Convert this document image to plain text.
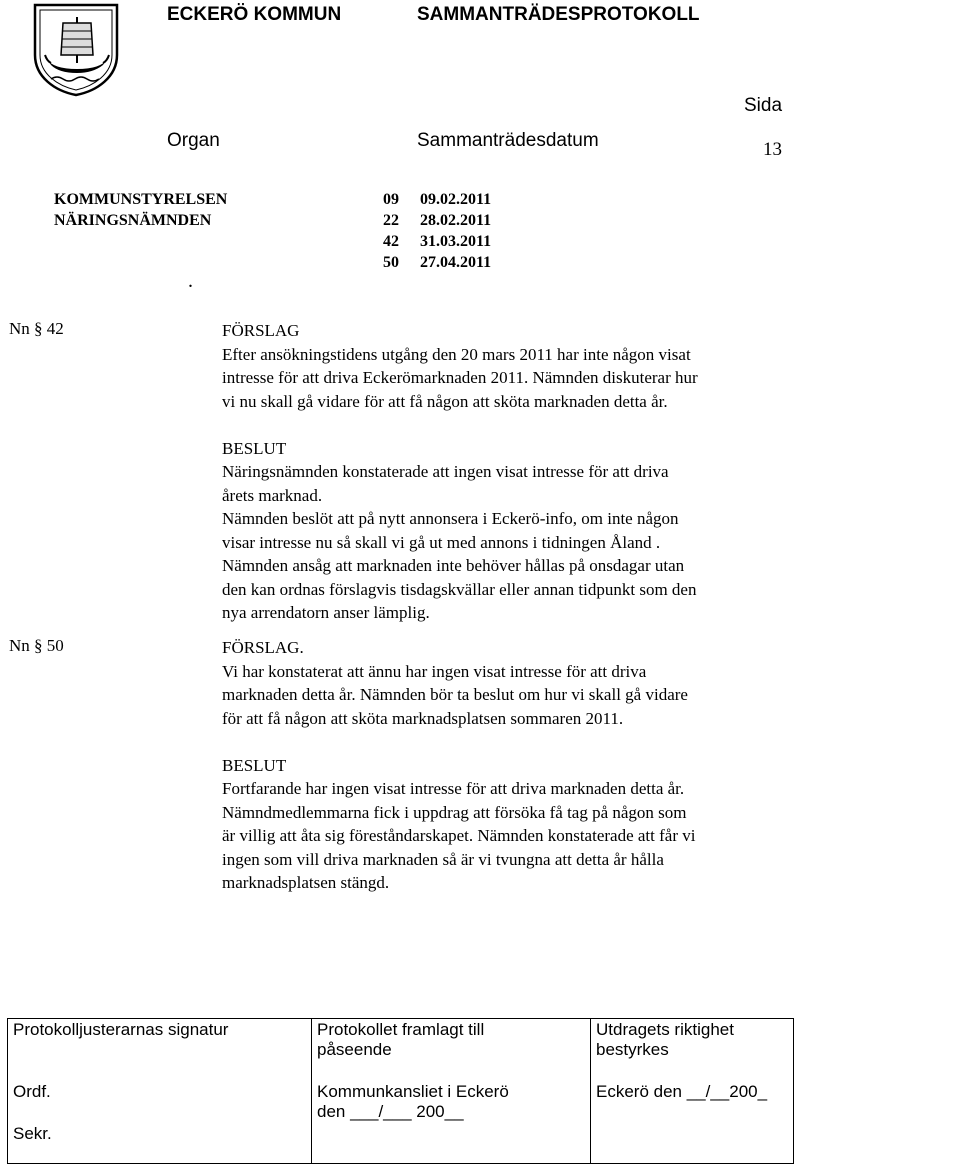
ECKERÖ KOMMUN	SAMMANTRÄDESPROTOKOLL
Organ	Sammanträdesdatum
Sida
13
KOMMUNSTYRELSEN
NÄRINGSNÄMNDEN
09 09.02.2011
22 28.02.2011
42 31.03.2011
50 27.04.2011
.
Nn § 42	FÖRSLAG
Efter ansökningstidens utgång den 20 mars 2011 har inte någon visat
intresse för att driva Eckerömarknaden 2011. Nämnden diskuterar hur
vi nu skall gå vidare för att få någon att sköta marknaden detta år.
BESLUT
Näringsnämnden konstaterade att ingen visat intresse för att driva
årets marknad.
Nämnden beslöt att på nytt annonsera i Eckerö-info, om inte någon
visar intresse nu så skall vi gå ut med annons i tidningen Åland .
Nämnden ansåg att marknaden inte behöver hållas på onsdagar utan
den kan ordnas förslagvis tisdagskvällar eller annan tidpunkt som den
nya arrendatorn anser lämplig.
Nn § 50	FÖRSLAG.
Vi har konstaterat att ännu har ingen visat intresse för att driva
marknaden detta år. Nämnden bör ta beslut om hur vi skall gå vidare
för att få någon att sköta marknadsplatsen sommaren 2011.
BESLUT
Fortfarande har ingen visat intresse för att driva marknaden detta år.
Nämndmedlemmarna fick i uppdrag att försöka få tag på någon som
är villig att åta sig föreståndarskapet. Nämnden konstaterade att får vi
ingen som vill driva marknaden så är vi tvungna att detta år hålla
marknadsplatsen stängd.
Protokolljusterarnas signatur
Ordf.
Sekr.
Protokollet framlagt till
påseende
Kommunkansliet i Eckerö
den ___/___ 200__
Utdragets riktighet
bestyrkes
Eckerö den __/__200_
